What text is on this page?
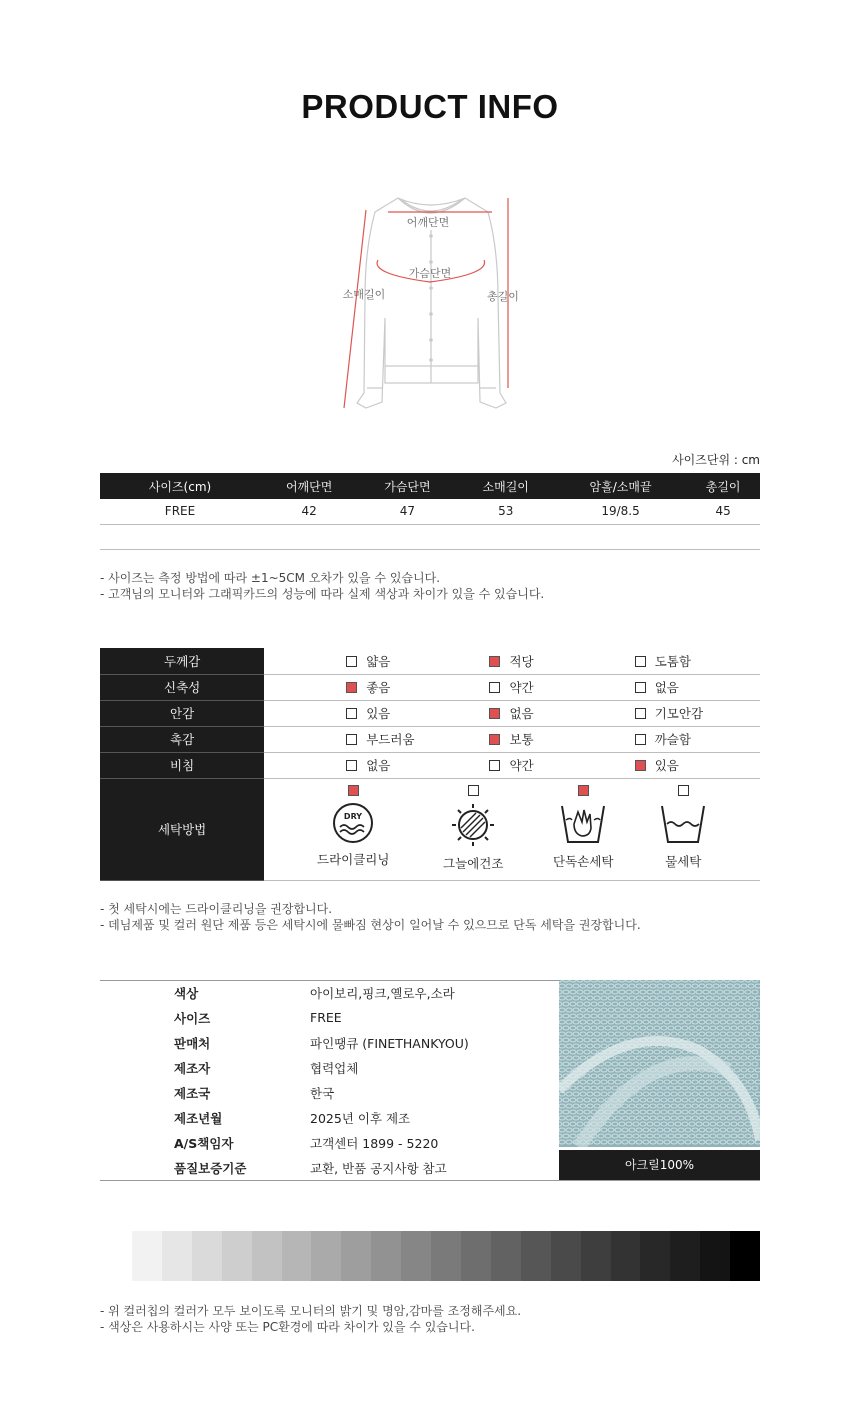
PRODUCT INFO
어깨단면
가슴단면
소매길이	총길이
사이즈단위 : cm
사이즈(cm)	어깨단면	가슴단면	소매길이	암홀/소매끝	총길이
FREE	42	47	53	19/8.5	45

- 사이즈는 측정 방법에 따라 ±1~5CM 오차가 있을 수 있습니다.
- 고객님의 모니터와 그래픽카드의 성능에 따라 실제 색상과 차이가 있을 수 있습니다.
두께감	얇음	적당	도톰함
신축성	좋음	약간	없음
안감	있음	없음	기모안감
촉감	부드러움	보통	까슬함
비침	없음	약간	있음
세탁방법	DRY
드라이클리닝 그늘에건조 단독손세탁 물세탁		
- 첫 세탁시에는 드라이클리닝을 권장합니다.
- 데님제품 및 컬러 원단 제품 등은 세탁시에 물빠짐 현상이 일어날 수 있으므로 단독 세탁을 권장합니다.
색상	아이보리,핑크,옐로우,소라
사이즈	FREE
판매처	파인땡큐 (FINETHANKYOU)
제조자	협력업체
제조국	한국
제조년월	2025년 이후 제조
A/S책임자	고객센터 1899 - 5220
품질보증기준	교환, 반품 공지사항 참고	아크릴100%
- 위 컬러칩의 컬러가 모두 보이도록 모니터의 밝기 및 명암,감마를 조정해주세요.
- 색상은 사용하시는 사양 또는 PC환경에 따라 차이가 있을 수 있습니다.
